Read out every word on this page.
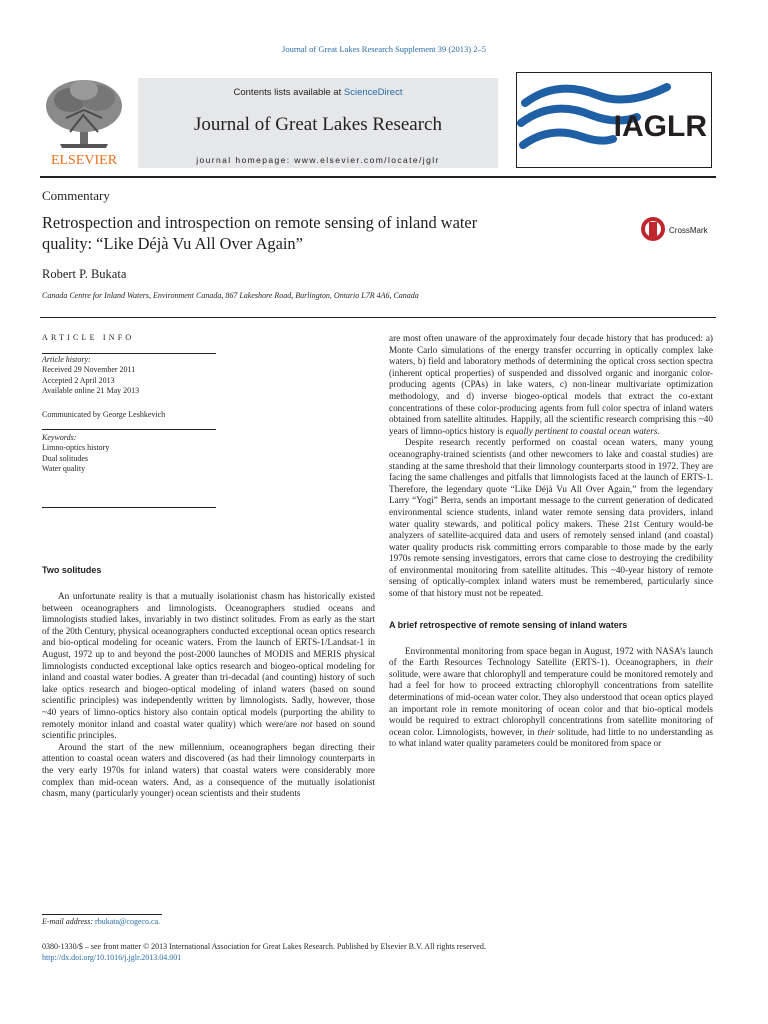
Journal of Great Lakes Research Supplement 39 (2013) 2–5
ELSEVIER
Contents lists available at ScienceDirect
Journal of Great Lakes Research
journal homepage: www.elsevier.com/locate/jglr
IAGLR
Commentary
Retrospection and introspection on remote sensing of inland water
quality: “Like Déjà Vu All Over Again”
CrossMark
Robert P. Bukata
Canada Centre for Inland Waters, Environment Canada, 867 Lakeshore Road, Burlington, Ontario L7R 4A6, Canada
ARTICLE INFO
Article history:
Received 29 November 2011
Accepted 2 April 2013
Available online 21 May 2013
Communicated by George Leshkevich
Keywords:
Limno-optics history
Dual solitudes
Water quality
Two solitudes

An unfortunate reality is that a mutually isolationist chasm has historically existed between oceanographers and limnologists. Oceanographers studied oceans and limnologists studied lakes, invariably in two distinct solitudes. From as early as the start of the 20th Century, physical oceanographers conducted exceptional ocean optics research and bio-optical modeling for oceanic waters. From the launch of ERTS-1/Landsat-1 in August, 1972 up to and beyond the post-2000 launches of MODIS and MERIS physical limnologists conducted exceptional lake optics research and biogeo-optical modeling for inland and coastal water bodies. A greater than tri-decadal (and counting) history of such lake optics research and biogeo-optical modeling of inland waters (based on sound scientific principles) was independently written by limnologists. Sadly, however, those ~40 years of limno-optics history also contain optical models (purporting the ability to remotely monitor inland and coastal water quality) which were/are not based on sound scientific principles.

Around the start of the new millennium, oceanographers began directing their attention to coastal ocean waters and discovered (as had their limnology counterparts in the very early 1970s for inland waters) that coastal waters were considerably more complex than mid-ocean waters. And, as a consequence of the mutually isolationist chasm, many (particularly younger) ocean scientists and their students

are most often unaware of the approximately four decade history that has produced: a) Monte Carlo simulations of the energy transfer occurring in optically complex lake waters, b) field and laboratory methods of determining the optical cross section spectra (inherent optical properties) of suspended and dissolved organic and inorganic color-producing agents (CPAs) in lake waters, c) non-linear multivariate optimization methodology, and d) inverse biogeo-optical models that extract the co-extant concentrations of these color-producing agents from full color spectra of inland waters obtained from satellite altitudes. Happily, all the scientific research comprising this ~40 years of limno-optics history is equally pertinent to coastal ocean waters.

Despite research recently performed on coastal ocean waters, many young oceanography-trained scientists (and other newcomers to lake and coastal studies) are standing at the same threshold that their limnology counterparts stood in 1972. They are facing the same challenges and pitfalls that limnologists faced at the launch of ERTS-1. Therefore, the legendary quote “Like Déjà Vu All Over Again,” from the legendary Larry “Yogi” Berra, sends an important message to the current generation of dedicated environmental science students, inland water remote sensing data providers, inland water quality stewards, and political policy makers. These 21st Century would-be analyzers of satellite-acquired data and users of remotely sensed inland (and coastal) water quality products risk committing errors comparable to those made by the early 1970s remote sensing investigators, errors that came close to destroying the credibility of environmental monitoring from satellite altitudes. This ~40-year history of remote sensing of optically-complex inland waters must be remembered, particularly since some of that history must not be repeated.

A brief retrospective of remote sensing of inland waters

Environmental monitoring from space began in August, 1972 with NASA’s launch of the Earth Resources Technology Satellite (ERTS-1). Oceanographers, in their solitude, were aware that chlorophyll and temperature could be monitored remotely and had a feel for how to proceed extracting chlorophyll concentrations from satellite determinations of mid-ocean water color. They also understood that ocean optics played an important role in remote monitoring of ocean color and that bio-optical models would be required to extract chlorophyll concentrations from satellite monitoring of ocean color. Limnologists, however, in their solitude, had little to no understanding as to what inland water quality parameters could be monitored from space or

E-mail address: rbukata@cogeco.ca.
0380-1330/$ – see front matter © 2013 International Association for Great Lakes Research. Published by Elsevier B.V. All rights reserved.
http://dx.doi.org/10.1016/j.jglr.2013.04.001
